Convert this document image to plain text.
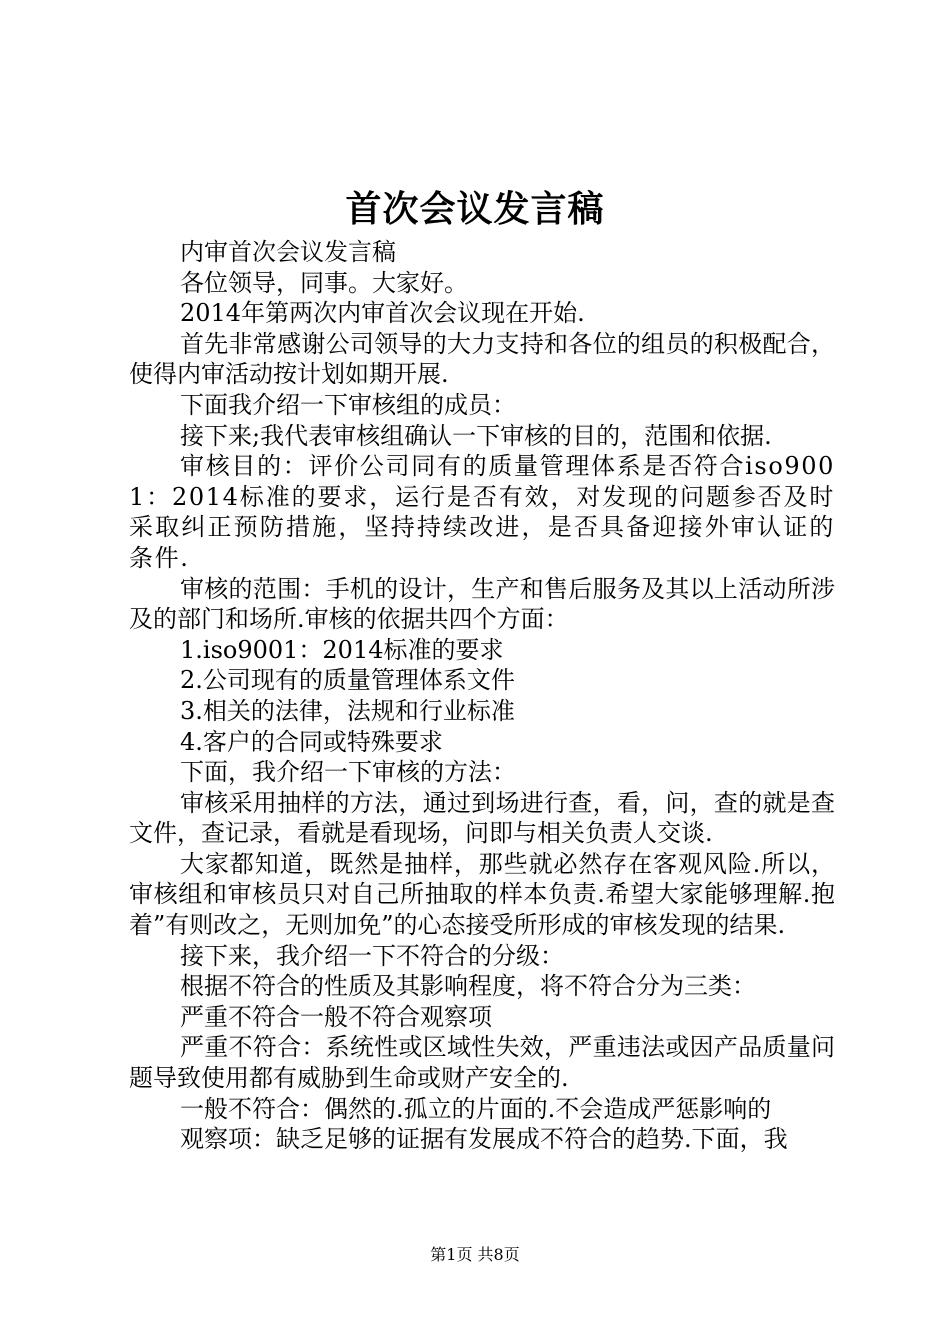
首次会议发言稿

内审首次会议发言稿

各位领导，同事。大家好。

2014年第两次内审首次会议现在开始.

首先非常感谢公司领导的大力支持和各位的组员的积极配合，使得内审活动按计划如期开展.

下面我介绍一下审核组的成员：

接下来;我代表审核组确认一下审核的目的，范围和依据.

审核目的：评价公司同有的质量管理体系是否符合iso9001：2014标准的要求，运行是否有效，对发现的问题参否及时采取纠正预防措施，坚持持续改进，是否具备迎接外审认证的条件.

审核的范围：手机的设计，生产和售后服务及其以上活动所涉及的部门和场所.审核的依据共四个方面：

1.iso9001：2014标准的要求

2.公司现有的质量管理体系文件

3.相关的法律，法规和行业标准

4.客户的合同或特殊要求

下面，我介绍一下审核的方法：

审核采用抽样的方法，通过到场进行查，看，问，查的就是查文件，查记录，看就是看现场，问即与相关负责人交谈.

大家都知道，既然是抽样，那些就必然存在客观风险.所以，审核组和审核员只对自己所抽取的样本负责.希望大家能够理解.抱着”有则改之，无则加免”的心态接受所形成的审核发现的结果.

接下来，我介绍一下不符合的分级：

根据不符合的性质及其影响程度，将不符合分为三类：

严重不符合一般不符合观察项

严重不符合：系统性或区域性失效，严重违法或因产品质量问题导致使用都有威胁到生命或财产安全的.

一般不符合：偶然的.孤立的片面的.不会造成严惩影响的

观察项：缺乏足够的证据有发展成不符合的趋势.下面，我

第1页 共8页
